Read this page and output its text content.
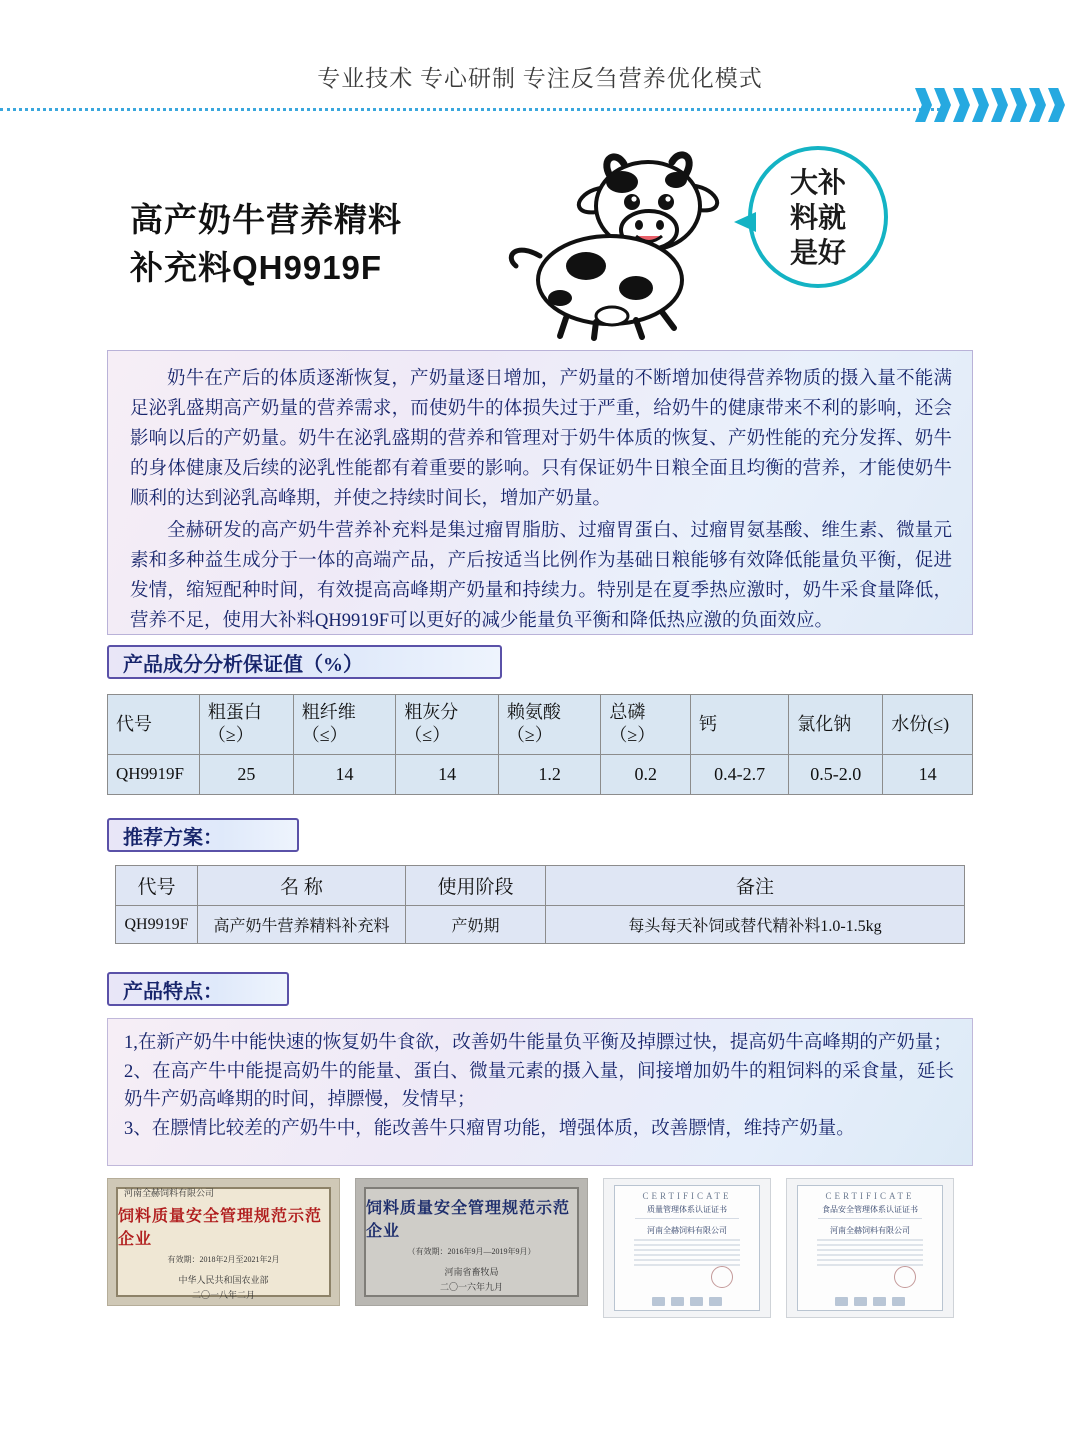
专业技术 专心研制 专注反刍营养优化模式
高产奶牛营养精料
补充料QH9919F
大补料就是好

奶牛在产后的体质逐渐恢复，产奶量逐日增加，产奶量的不断增加使得营养物质的摄入量不能满足泌乳盛期高产奶量的营养需求，而使奶牛的体损失过于严重，给奶牛的健康带来不利的影响，还会影响以后的产奶量。奶牛在泌乳盛期的营养和管理对于奶牛体质的恢复、产奶性能的充分发挥、奶牛的身体健康及后续的泌乳性能都有着重要的影响。只有保证奶牛日粮全面且均衡的营养，才能使奶牛顺利的达到泌乳高峰期，并使之持续时间长，增加产奶量。

全赫研发的高产奶牛营养补充料是集过瘤胃脂肪、过瘤胃蛋白、过瘤胃氨基酸、维生素、微量元素和多种益生成分于一体的高端产品，产后按适当比例作为基础日粮能够有效降低能量负平衡，促进发情，缩短配种时间，有效提高高峰期产奶量和持续力。特别是在夏季热应激时，奶牛采食量降低，营养不足，使用大补料QH9919F可以更好的减少能量负平衡和降低热应激的负面效应。

产品成分分析保证值（%）
代号	粗蛋白（≥）	粗纤维（≤）	粗灰分（≤）	赖氨酸（≥）	总磷（≥）	钙	氯化钠	水份(≤)
QH9919F	25	14	14	1.2	0.2	0.4-2.7	0.5-2.0	14
推荐方案：
代号	名 称	使用阶段	备注
QH9919F	高产奶牛营养精料补充料	产奶期	每头每天补饲或替代精补料1.0-1.5kg
产品特点：

1,在新产奶牛中能快速的恢复奶牛食欲，改善奶牛能量负平衡及掉膘过快，提高奶牛高峰期的产奶量；

2、在高产牛中能提高奶牛的能量、蛋白、微量元素的摄入量，间接增加奶牛的粗饲料的采食量，延长奶牛产奶高峰期的时间，掉膘慢，发情早；

3、在膘情比较差的产奶牛中，能改善牛只瘤胃功能，增强体质，改善膘情，维持产奶量。

河南全赫饲料有限公司
饲料质量安全管理规范示范企业
有效期：2018年2月至2021年2月
中华人民共和国农业部
二〇一八年二月
饲料质量安全管理规范示范企业
（有效期：2016年9月—2019年9月）
河南省畜牧局
二〇一六年九月
CERTIFICATE
质量管理体系认证证书
河南全赫饲料有限公司
CERTIFICATE
食品安全管理体系认证证书
河南全赫饲料有限公司
